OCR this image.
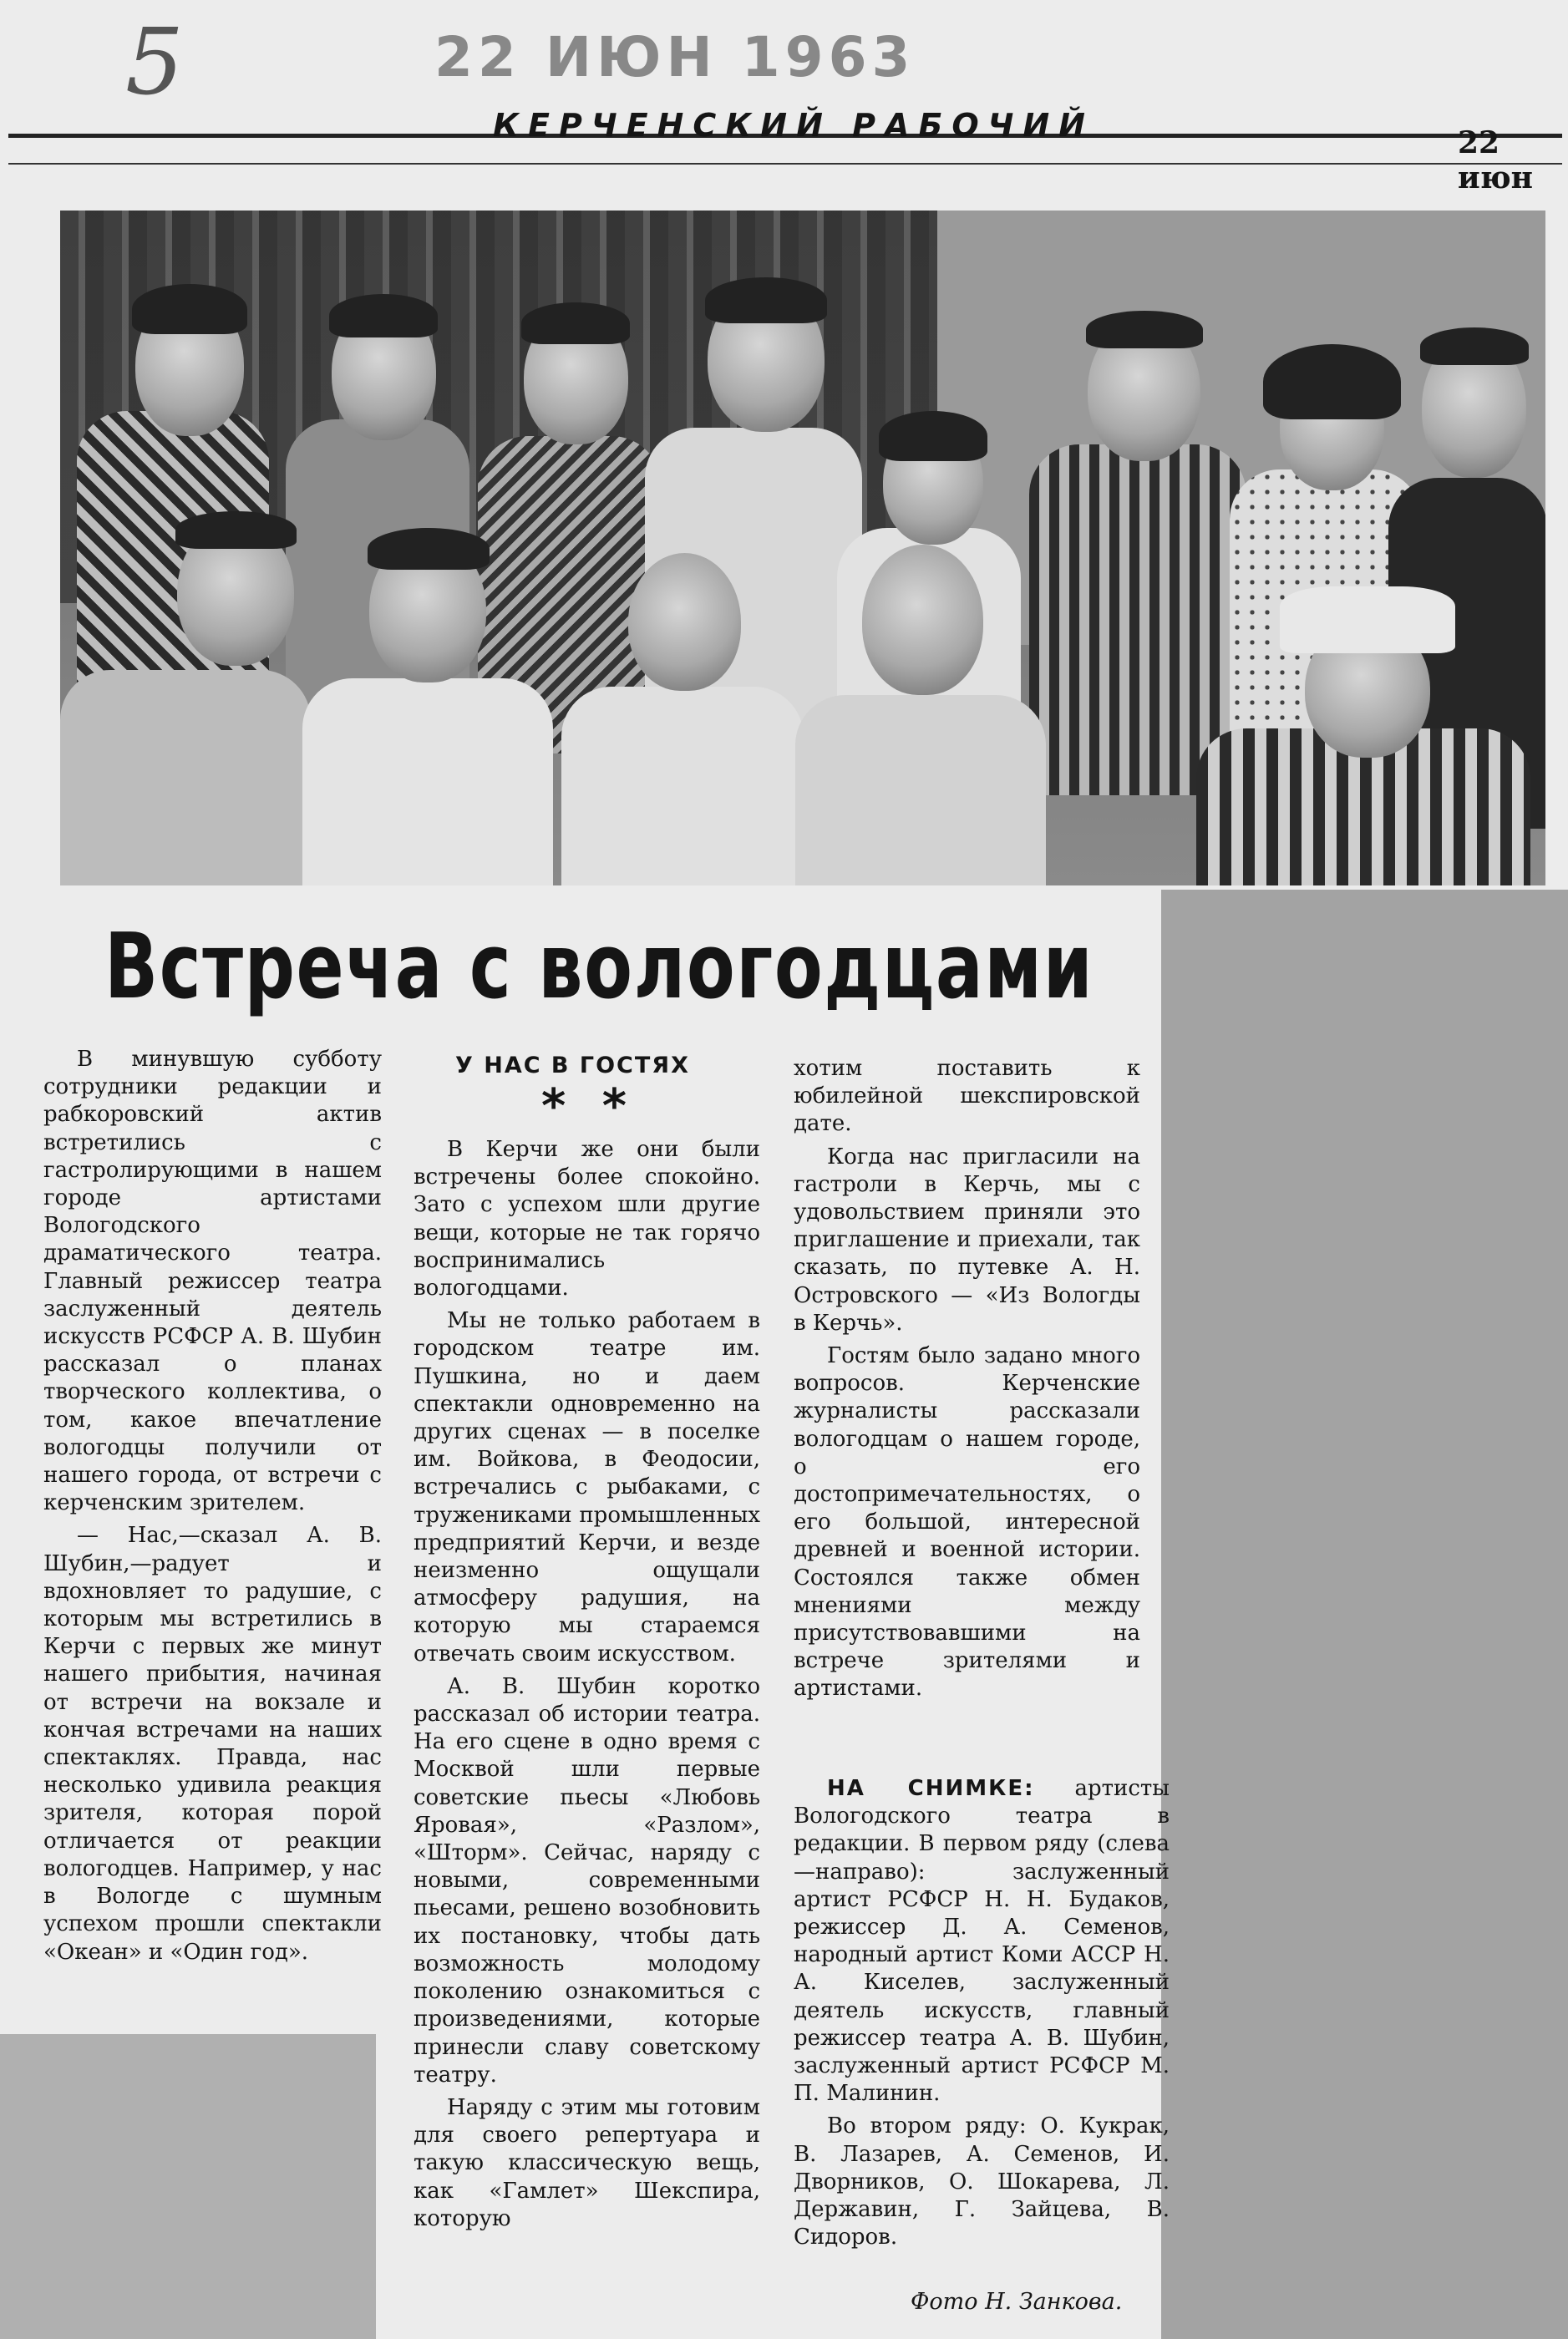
5	22 ИЮН 1963
КЕРЧЕНСКИЙ РАБОЧИЙ	22 июн
Встреча с вологодцами

В минувшую субботу сотрудники редакции и рабкоровский актив встретились с гастролирующими в нашем городе артистами Вологодского драматического театра. Главный режиссер театра заслуженный деятель искусств РСФСР А. В. Шубин рассказал о планах творческого коллектива, о том, какое впечатление вологодцы получили от нашего города, от встречи с керченским зрителем.

— Нас,—сказал А. В. Шубин,—радует и вдохновляет то радушие, с которым мы встретились в Керчи с первых же минут нашего прибытия, начиная от встречи на вокзале и кончая встречами на наших спектаклях. Правда, нас несколько удивила реакция зрителя, которая порой отличается от реакции вологодцев. Например, у нас в Вологде с шумным успехом прошли спектакли «Океан» и «Один год».

У НАС В ГОСТЯХ
* *

В Керчи же они были встречены более спокойно. Зато с успехом шли другие вещи, которые не так горячо воспринимались вологодцами.

Мы не только работаем в городском театре им. Пушкина, но и даем спектакли одновременно на других сценах — в поселке им. Войкова, в Феодосии, встречались с рыбаками, с тружениками промышленных предприятий Керчи, и везде неизменно ощущали атмосферу радушия, на которую мы стараемся отвечать своим искусством.

А. В. Шубин коротко рассказал об истории театра. На его сцене в одно время с Москвой шли первые советские пьесы «Любовь Яровая», «Разлом», «Шторм». Сейчас, наряду с новыми, современными пьесами, решено возобновить их постановку, чтобы дать возможность молодому поколению ознакомиться с произведениями, которые принесли славу советскому театру.

Наряду с этим мы готовим для своего репертуара и такую классическую вещь, как «Гамлет» Шекспира, которую

хотим поставить к юбилейной шекспировской дате.

Когда нас пригласили на гастроли в Керчь, мы с удовольствием приняли это приглашение и приехали, так сказать, по путевке А. Н. Островского — «Из Вологды в Керчь».

Гостям было задано много вопросов. Керченские журналисты рассказали вологодцам о нашем городе, о его достопримечательностях, о его большой, интересной древней и военной истории. Состоялся также обмен мнениями между присутствовавшими на встрече зрителями и артистами.

НА СНИМКЕ: артисты Вологодского театра в редакции. В первом ряду (слева—направо): заслуженный артист РСФСР Н. Н. Будаков, режиссер Д. А. Семенов, народный артист Коми АССР Н. А. Киселев, заслуженный деятель искусств, главный режиссер театра А. В. Шубин, заслуженный артист РСФСР М. П. Малинин.

Во втором ряду: О. Кукрак, В. Лазарев, А. Семенов, И. Дворников, О. Шокарева, Л. Державин, Г. Зайцева, В. Сидоров.

Фото Н. Занкова.
